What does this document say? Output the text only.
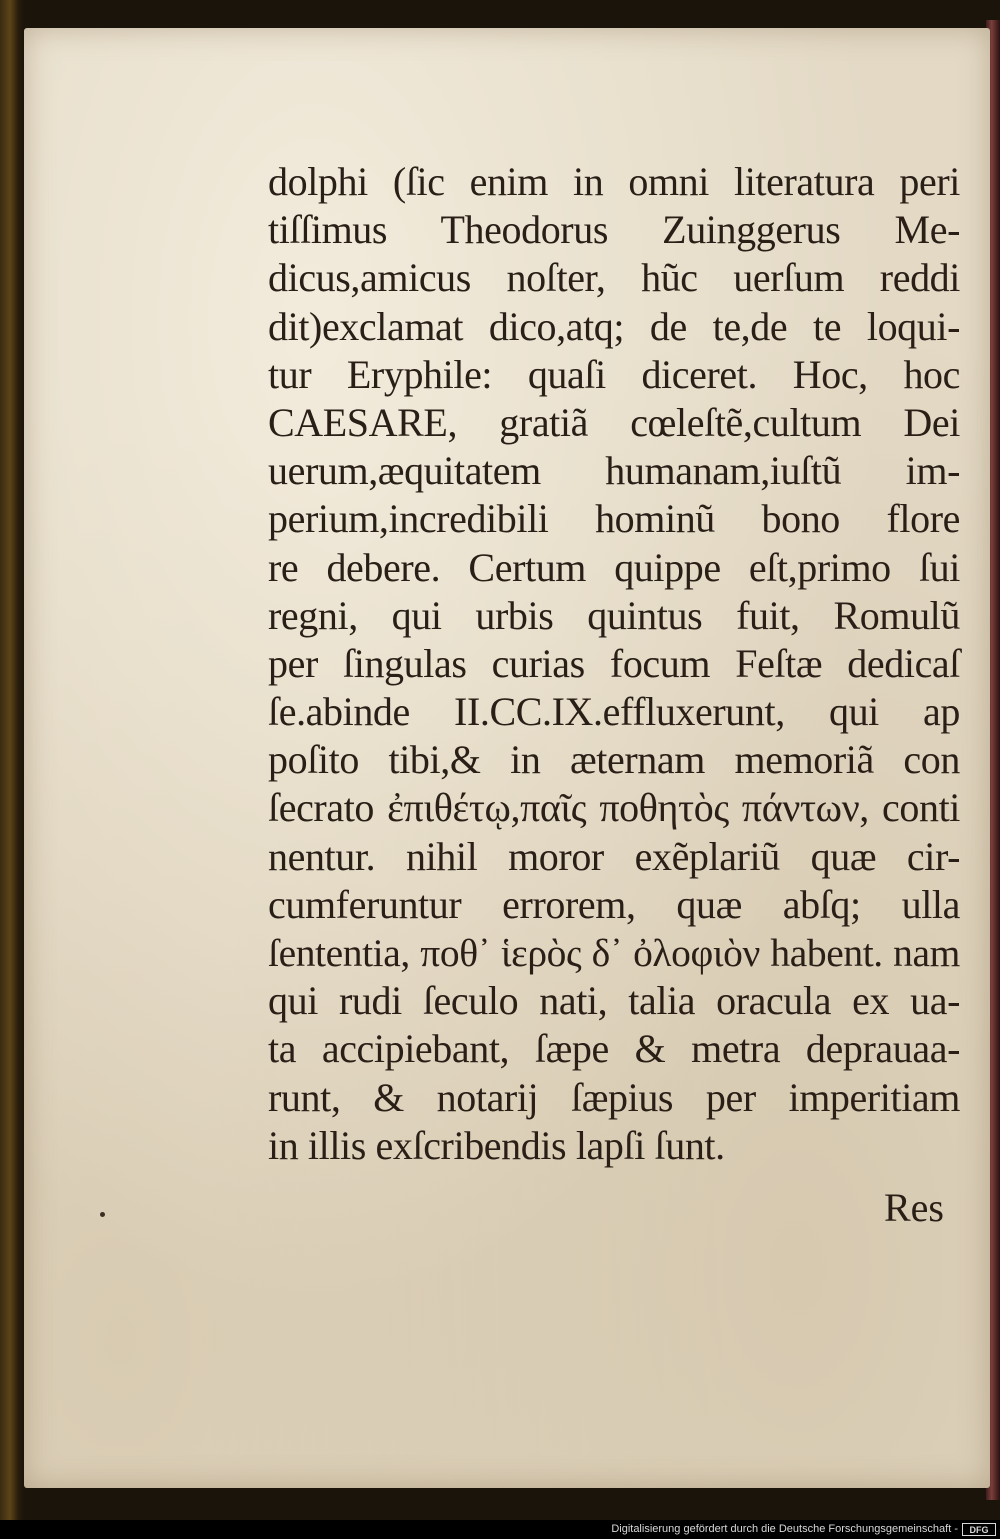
dolphi (ſic enim in omni literatura peri
tiſſimus Theodorus Zuinggerus Me-
dicus,amicus noſter, hũc uerſum reddi
dit)exclamat dico,atq; de te,de te loqui-
tur Eryphile: quaſi diceret. Hoc, hoc
CAESARE, gratiã cœleſtẽ,cultum Dei
uerum,æquitatem humanam,iuſtũ im-
perium,incredibili hominũ bono flore
re debere. Certum quippe eſt,primo ſui
regni, qui urbis quintus fuit, Romulũ
per ſingulas curias focum Feſtæ dedicaſ
ſe.abinde II.CC.IX.effluxerunt, qui ap
poſito tibi,& in æternam memoriã con
ſecrato ἐπιθέτῳ,παῖς ποθητὸς πάντων, conti
nentur. nihil moror exẽplariũ quæ cir-
cumferuntur errorem, quæ abſq; ulla
ſententia, ποθ᾽ ἱερὸς δ᾽ ὀλοφιὸν habent. nam
qui rudi ſeculo nati, talia oracula ex ua-
ta accipiebant, ſæpe & metra deprauaa-
runt, & notarij ſæpius per imperitiam
in illis exſcribendis lapſi ſunt.
Res
Digitalisierung gefördert durch die Deutsche Forschungsgemeinschaft -	DFG
